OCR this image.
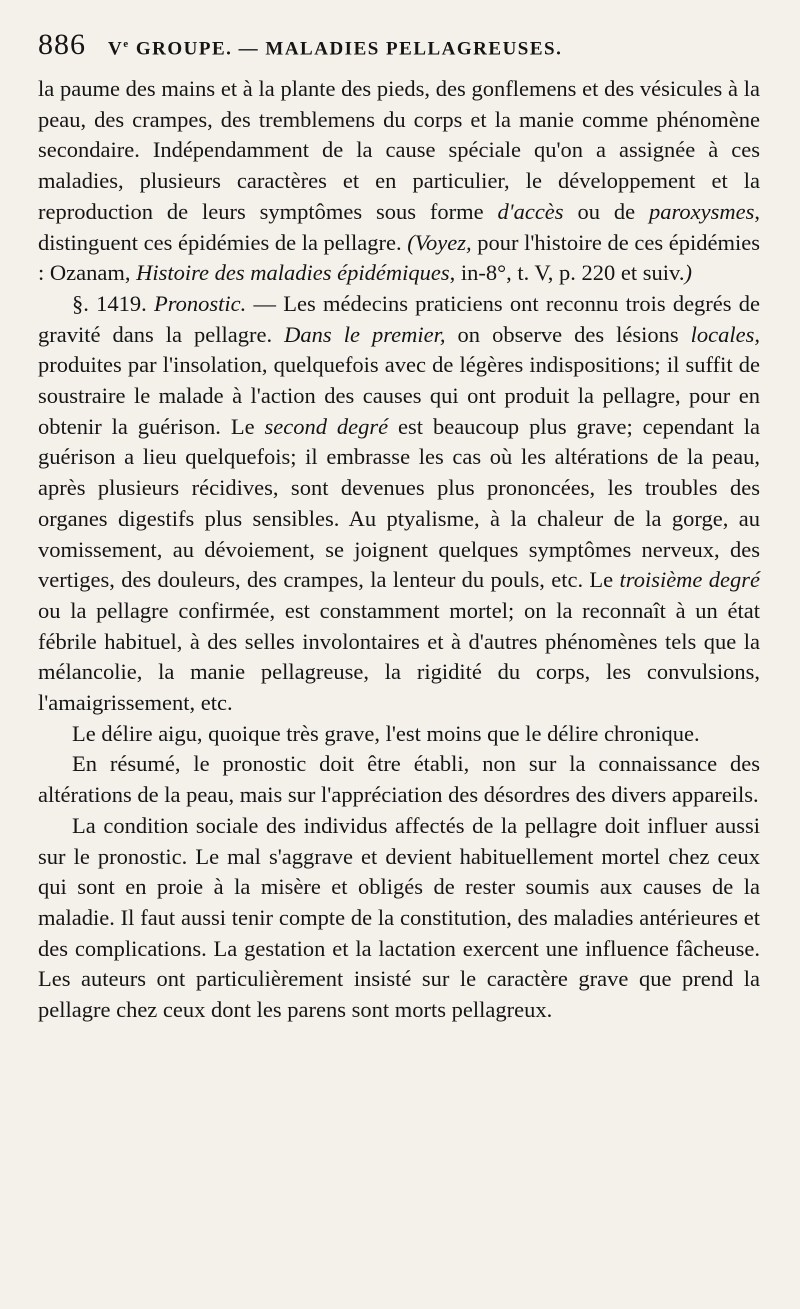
886 Ve GROUPE. — MALADIES PELLAGREUSES.

la paume des mains et à la plante des pieds, des gonflemens et des vésicules à la peau, des crampes, des tremblemens du corps et la manie comme phénomène secondaire. Indépendamment de la cause spéciale qu'on a assignée à ces maladies, plusieurs caractères et en particulier, le développement et la reproduction de leurs symptômes sous forme d'accès ou de paroxysmes, distinguent ces épidémies de la pellagre. (Voyez, pour l'histoire de ces épidémies : Ozanam, Histoire des maladies épidémiques, in-8°, t. V, p. 220 et suiv.)

§. 1419. Pronostic. — Les médecins praticiens ont reconnu trois degrés de gravité dans la pellagre. Dans le premier, on observe des lésions locales, produites par l'insolation, quelquefois avec de légères indispositions; il suffit de soustraire le malade à l'action des causes qui ont produit la pellagre, pour en obtenir la guérison. Le second degré est beaucoup plus grave; cependant la guérison a lieu quelquefois; il embrasse les cas où les altérations de la peau, après plusieurs récidives, sont devenues plus prononcées, les troubles des organes digestifs plus sensibles. Au ptyalisme, à la chaleur de la gorge, au vomissement, au dévoiement, se joignent quelques symptômes nerveux, des vertiges, des douleurs, des crampes, la lenteur du pouls, etc. Le troisième degré ou la pellagre confirmée, est constamment mortel; on la reconnaît à un état fébrile habituel, à des selles involontaires et à d'autres phénomènes tels que la mélancolie, la manie pellagreuse, la rigidité du corps, les convulsions, l'amaigrissement, etc.

Le délire aigu, quoique très grave, l'est moins que le délire chronique.

En résumé, le pronostic doit être établi, non sur la connaissance des altérations de la peau, mais sur l'appréciation des désordres des divers appareils.

La condition sociale des individus affectés de la pellagre doit influer aussi sur le pronostic. Le mal s'aggrave et devient habituellement mortel chez ceux qui sont en proie à la misère et obligés de rester soumis aux causes de la maladie. Il faut aussi tenir compte de la constitution, des maladies antérieures et des complications. La gestation et la lactation exercent une influence fâcheuse. Les auteurs ont particulièrement insisté sur le caractère grave que prend la pellagre chez ceux dont les parens sont morts pellagreux.
